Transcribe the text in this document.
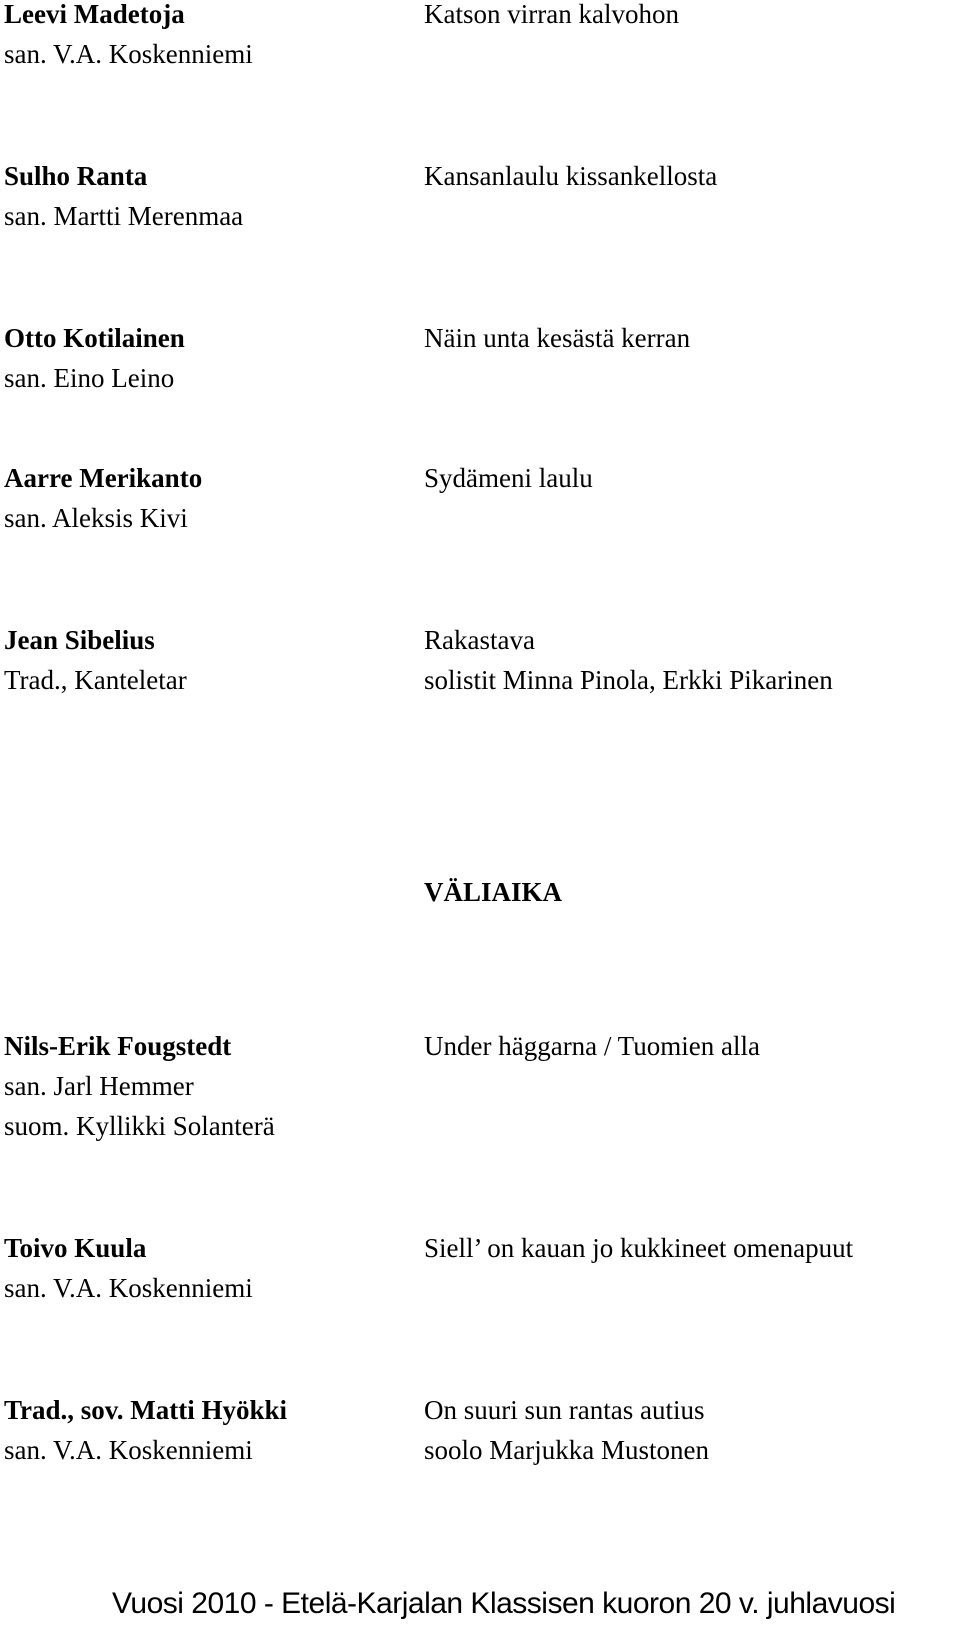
Leevi Madetoja
san. V.A. Koskenniemi
Katson virran kalvohon
Sulho Ranta
san. Martti Merenmaa
Kansanlaulu kissankellosta
Otto Kotilainen
san. Eino Leino
Näin unta kesästä kerran
Aarre Merikanto
san. Aleksis Kivi
Sydämeni laulu
Jean Sibelius
Trad., Kanteletar
Rakastava
solistit Minna Pinola, Erkki Pikarinen
VÄLIAIKA
Nils-Erik Fougstedt
san. Jarl Hemmer
suom. Kyllikki Solanterä
Under häggarna / Tuomien alla
Toivo Kuula
san. V.A. Koskenniemi
Siell’ on kauan jo kukkineet omenapuut
Trad., sov. Matti Hyökki
san. V.A. Koskenniemi
On suuri sun rantas autius
soolo Marjukka Mustonen
Vuosi 2010 - Etelä-Karjalan Klassisen kuoron 20 v. juhlavuosi
